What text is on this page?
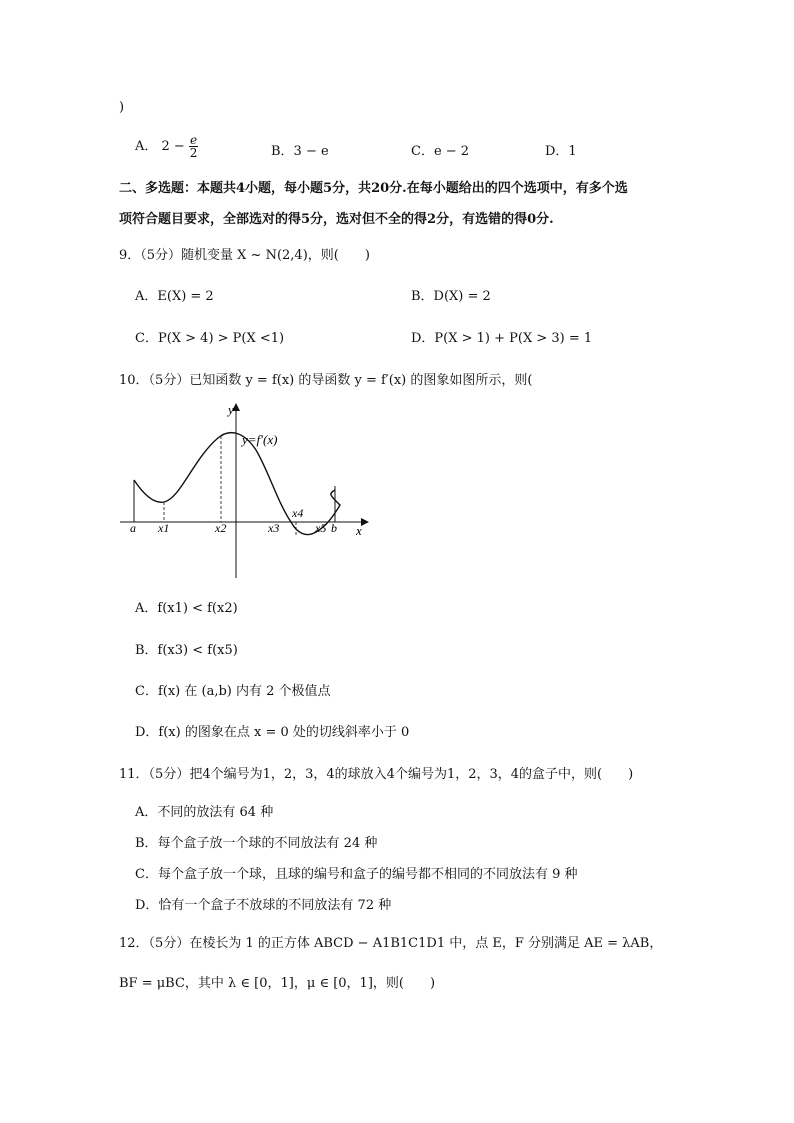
)
A． $2 - \frac{e}{2}$	B．3 − e	C．e − 2	D．1
二、多选题：本题共4小题，每小题5分，共20分.在每小题给出的四个选项中，有多个选
项符合题目要求，全部选对的得5分，选对但不全的得2分，有选错的得0分.
9．（5分）随机变量 X ~ N(2,4)，则(　　)
A．E(X) = 2	B．D(X) = 2
C．P(X > 4) > P(X <1)	D．P(X > 1) + P(X > 3) = 1
10．（5分）已知函数 y = f(x) 的导函数 y = f′(x) 的图象如图所示，则(
y
x
y=f′(x)
a x1	x2	x3
x4
x5 b
A．f(x1) < f(x2)
B．f(x3) < f(x5)
C．f(x) 在 (a,b) 内有 2 个极值点
D．f(x) 的图象在点 x = 0 处的切线斜率小于 0
11．（5分）把4个编号为1，2，3，4的球放入4个编号为1，2，3，4的盒子中，则(　　)
A．不同的放法有 64 种
B．每个盒子放一个球的不同放法有 24 种
C．每个盒子放一个球，且球的编号和盒子的编号都不相同的不同放法有 9 种
D．恰有一个盒子不放球的不同放法有 72 种
12．（5分）在棱长为 1 的正方体 ABCD − A1B1C1D1 中，点 E，F 分别满足 AE = λAB，
BF = μBC，其中 λ ∈ [0，1]，μ ∈ [0，1]，则(　　)
